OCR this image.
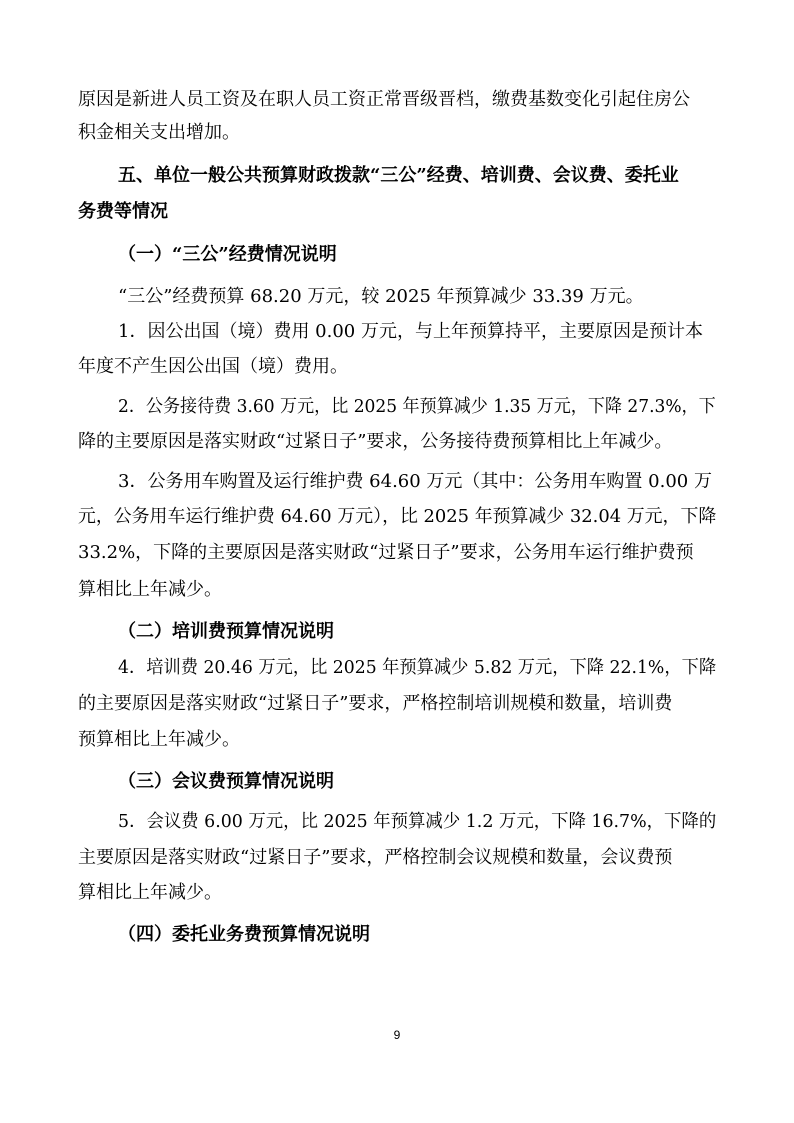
原因是新进人员工资及在职人员工资正常晋级晋档，缴费基数变化引起住房公
积金相关支出增加。
五、单位一般公共预算财政拨款“三公”经费、培训费、会议费、委托业
务费等情况
（一）“三公”经费情况说明
“三公”经费预算 68.20 万元，较 2025 年预算减少 33.39 万元。
1．因公出国（境）费用 0.00 万元，与上年预算持平，主要原因是预计本
年度不产生因公出国（境）费用。
2．公务接待费 3.60 万元，比 2025 年预算减少 1.35 万元，下降 27.3%，下
降的主要原因是落实财政“过紧日子”要求，公务接待费预算相比上年减少。
3．公务用车购置及运行维护费 64.60 万元（其中：公务用车购置 0.00 万
元，公务用车运行维护费 64.60 万元），比 2025 年预算减少 32.04 万元，下降
33.2%，下降的主要原因是落实财政“过紧日子”要求，公务用车运行维护费预
算相比上年减少。
（二）培训费预算情况说明
4．培训费 20.46 万元，比 2025 年预算减少 5.82 万元，下降 22.1%，下降
的主要原因是落实财政“过紧日子”要求，严格控制培训规模和数量，培训费
预算相比上年减少。
（三）会议费预算情况说明
5．会议费 6.00 万元，比 2025 年预算减少 1.2 万元，下降 16.7%，下降的
主要原因是落实财政“过紧日子”要求，严格控制会议规模和数量，会议费预
算相比上年减少。
（四）委托业务费预算情况说明
9
